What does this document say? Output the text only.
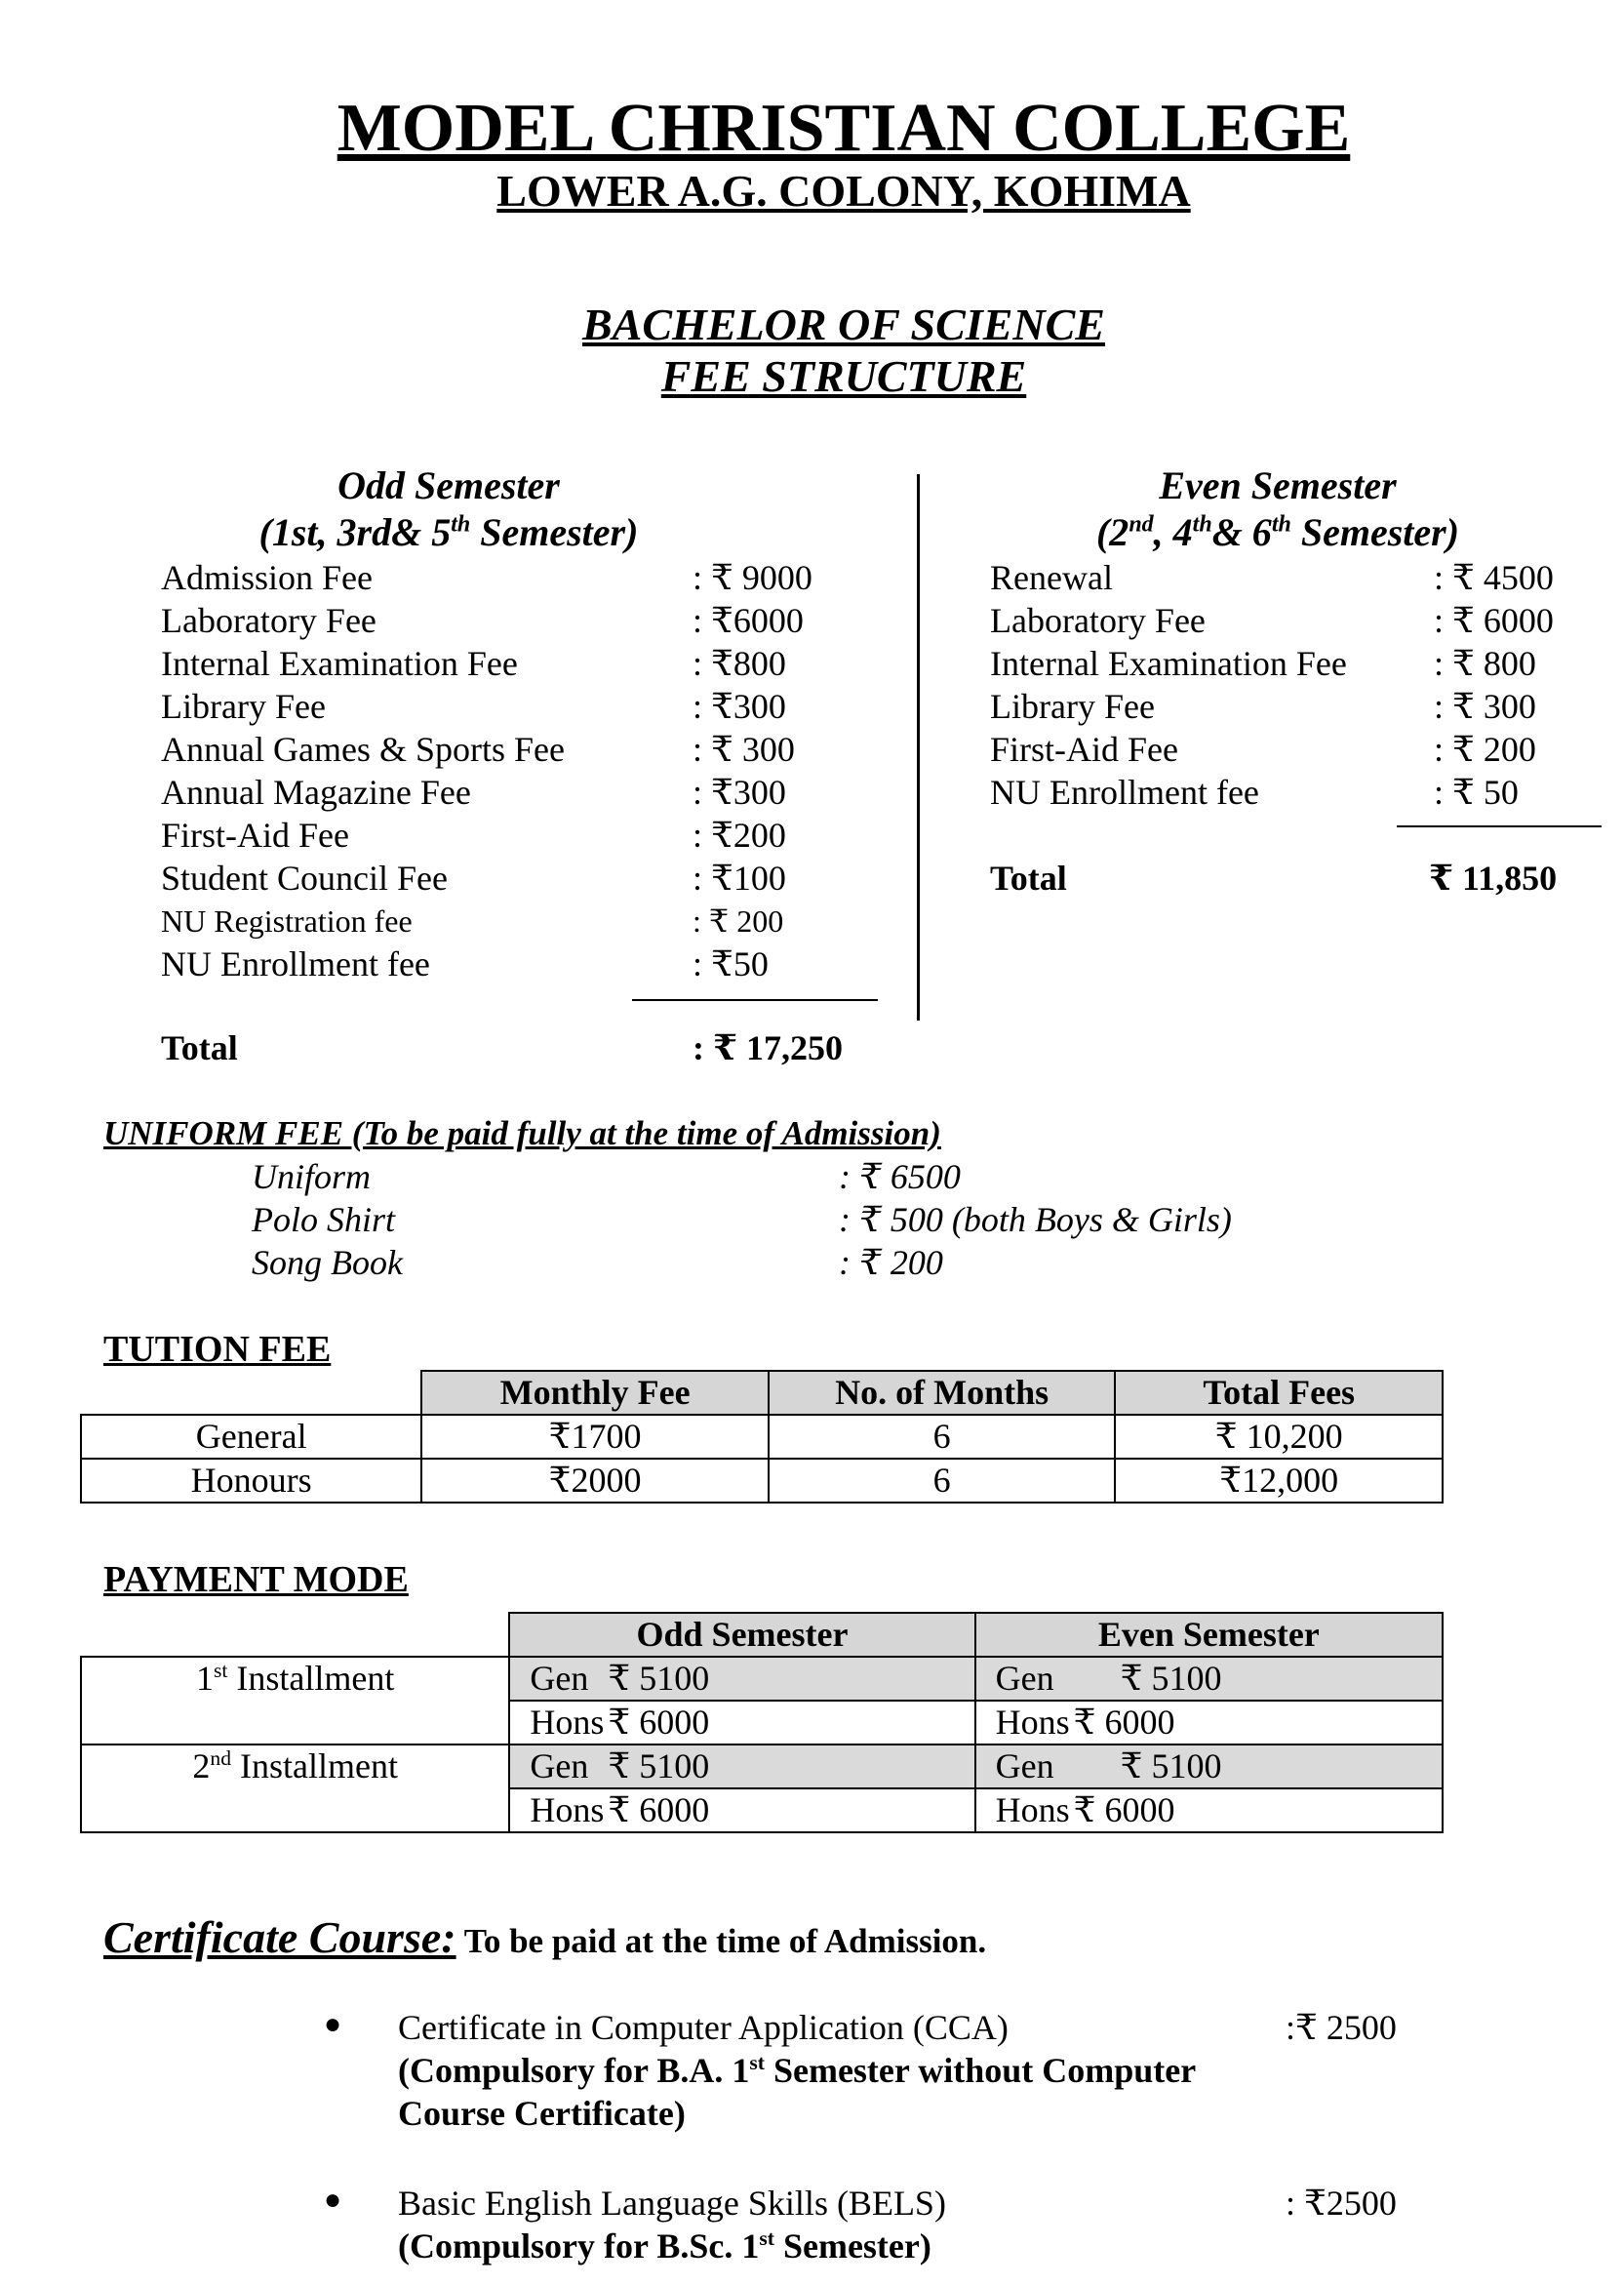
MODEL CHRISTIAN COLLEGE
LOWER A.G. COLONY, KOHIMA
BACHELOR OF SCIENCE
FEE STRUCTURE
Odd Semester
(1st, 3rd& 5th Semester)
Admission Fee	: ₹ 9000
Laboratory Fee	: ₹6000
Internal Examination Fee	: ₹800
Library Fee	: ₹300
Annual Games & Sports Fee	: ₹ 300
Annual Magazine Fee	: ₹300
First-Aid Fee	: ₹200
Student Council Fee	: ₹100
NU Registration fee	: ₹ 200
NU Enrollment fee	: ₹50
Total	: ₹ 17,250
Even Semester
(2nd, 4th& 6th Semester)
Renewal	: ₹ 4500
Laboratory Fee	: ₹ 6000
Internal Examination Fee : ₹ 800
Library Fee	: ₹ 300
First-Aid Fee	: ₹ 200
NU Enrollment fee	: ₹ 50
Total	₹ 11,850
UNIFORM FEE (To be paid fully at the time of Admission)
Uniform	: ₹ 6500
Polo Shirt	: ₹ 500 (both Boys & Girls)
Song Book	: ₹ 200
TUTION FEE
	Monthly Fee	No. of Months	Total Fees
General	₹1700	6	₹ 10,200
Honours	₹2000	6	₹12,000
PAYMENT MODE
	Odd Semester	Even Semester
1st Installment	Gen ₹ 5100	Gen ₹ 5100
	Hons ₹ 6000	Hons ₹ 6000
2nd Installment	Gen ₹ 5100	Gen ₹ 5100
	Hons ₹ 6000	Hons ₹ 6000
Certificate Course: To be paid at the time of Admission.
● Certificate in Computer Application (CCA)	:₹ 2500
(Compulsory for B.A. 1st Semester without Computer
Course Certificate)
● Basic English Language Skills (BELS)	: ₹2500
(Compulsory for B.Sc. 1st Semester)
